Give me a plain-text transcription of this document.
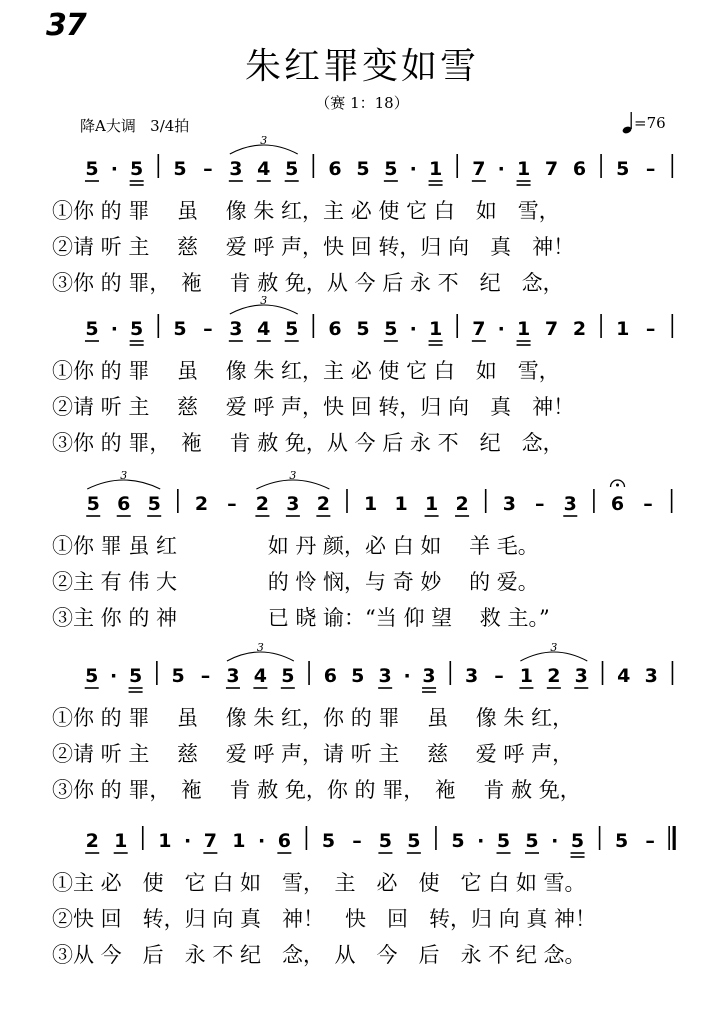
37
朱红罪变如雪
（赛 1：18）
降A大调 3/4拍	=76
5 · 5 5 – 3 4 5 6 5 5 · 1 7 · 1 7 6 5 –
3
①你 的 罪　 虽　 像 朱 红，主 必 使 它 白　如　雪，
②请 听 主　 慈　 爱 呼 声，快 回 转，归 向　真　神！
③你 的 罪，　袘　 肯 赦 免，从 今 后 永 不　纪　念，
5 · 5 5 – 3 4 5 6 5 5 · 1 7 · 1 7 2 1 –
3
①你 的 罪　 虽　 像 朱 红，主 必 使 它 白　如　雪，
②请 听 主　 慈　 爱 呼 声，快 回 转，归 向　真　神！
③你 的 罪，　袘　 肯 赦 免，从 今 后 永 不　纪　念，
5 6 5 2 – 2 3 2 1 1 1 2 3 – 3 6 –
3	3
①你 罪 虽 红　　　　 如 丹 颜，必 白 如　 羊 毛。
②主 有 伟 大　　　　 的 怜 悯，与 奇 妙　 的 爱。
③主 你 的 神　　　　 已 晓 谕：“当 仰 望　 救 主。”
5 · 5 5 – 3 4 5 6 5 3 · 3 3 – 1 2 3 4 3
3	3
①你 的 罪　 虽　 像 朱 红，你 的 罪　 虽　 像 朱 红，
②请 听 主　 慈　 爱 呼 声，请 听 主　 慈　 爱 呼 声，
③你 的 罪，　袘　 肯 赦 免，你 的 罪，　袘　 肯 赦 免，
2 1 1 · 7 1 · 6 5 – 5 5 5 · 5 5 · 5 5 –
①主 必　使　它 白 如　雪，　主　必　使　它 白 如 雪。
②快 回　转，归 向 真　神！　快　回　转，归 向 真 神！
③从 今　后　永 不 纪　念，　从　今　后　永 不 纪 念。
